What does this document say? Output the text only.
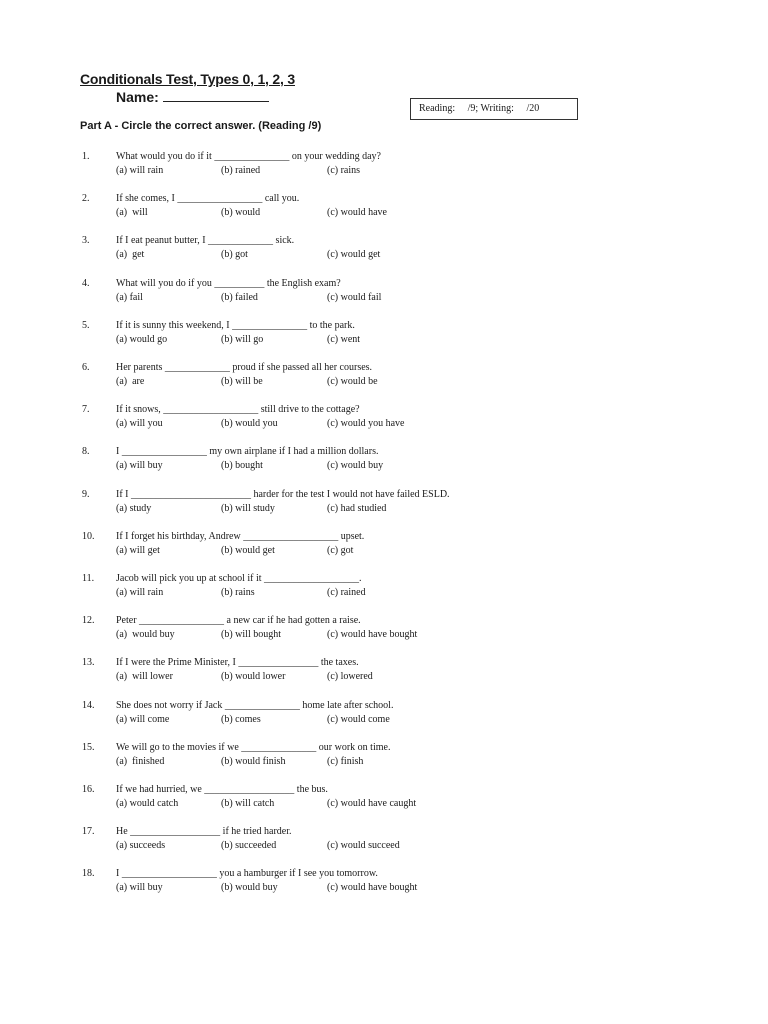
Conditionals Test, Types 0, 1, 2, 3
Name:
Reading:     /9; Writing:     /20
Part A - Circle the correct answer. (Reading /9)
1.	What would you do if it _______________ on your wedding day?
(a) will rain	(b) rained	(c) rains
2.	If she comes, I _________________ call you.
(a)  will	(b) would	(c) would have
3.	If I eat peanut butter, I _____________ sick.
(a)  get	(b) got	(c) would get
4.	What will you do if you __________ the English exam?
(a) fail	(b) failed	(c) would fail
5.	If it is sunny this weekend, I _______________ to the park.
(a) would go	(b) will go	(c) went
6.	Her parents _____________ proud if she passed all her courses.
(a)  are	(b) will be	(c) would be
7.	If it snows, ___________________ still drive to the cottage?
(a) will you	(b) would you	(c) would you have
8.	I _________________ my own airplane if I had a million dollars.
(a) will buy	(b) bought	(c) would buy
9.	If I ________________________ harder for the test I would not have failed ESLD.
(a) study	(b) will study	(c) had studied
10. If I forget his birthday, Andrew ___________________ upset.
(a) will get	(b) would get	(c) got
11. Jacob will pick you up at school if it ___________________.
(a) will rain	(b) rains	(c) rained
12. Peter _________________ a new car if he had gotten a raise.
(a)  would buy	(b) will bought	(c) would have bought
13. If I were the Prime Minister, I ________________ the taxes.
(a)  will lower	(b) would lower	(c) lowered
14. She does not worry if Jack _______________ home late after school.
(a) will come	(b) comes	(c) would come
15. We will go to the movies if we _______________ our work on time.
(a)  finished	(b) would finish	(c) finish
16. If we had hurried, we __________________ the bus.
(a) would catch	(b) will catch	(c) would have caught
17. He __________________ if he tried harder.
(a) succeeds	(b) succeeded	(c) would succeed
18. I ___________________ you a hamburger if I see you tomorrow.
(a) will buy	(b) would buy	(c) would have bought
